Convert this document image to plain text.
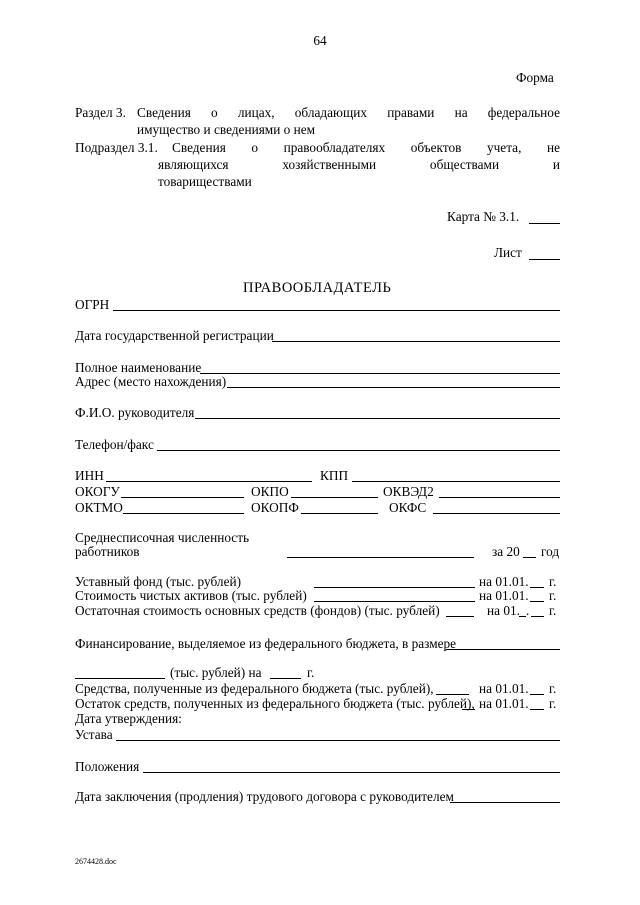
64
Форма
Раздел 3. Сведения о лицах, обладающих правами на федеральное
имущество и сведениями о нем
Подраздел 3.1. Сведения о правообладателях объектов учета, не
являющихся хозяйственными обществами и
товариществами
Карта № 3.1.
Лист
ПРАВООБЛАДАТЕЛЬ
ОГРН
Дата государственной регистрации
Полное наименование
Адрес (место нахождения)
Ф.И.О. руководителя
Телефон/факс
ИНН	КПП
ОКОГУ	ОКПО	ОКВЭД2
ОКТМО	ОКОПФ	ОКФС
Среднесписочная численность
работников	за 20 год
Уставный фонд (тыс. рублей)	на 01.01. г.
Стоимость чистых активов (тыс. рублей)	на 01.01. г.
Остаточная стоимость основных средств (фондов) (тыс. рублей)	на 01. . г.
Финансирование, выделяемое из федерального бюджета, в размере
(тыс. рублей) на	г.
Средства, полученные из федерального бюджета (тыс. рублей),	на 01.01. г.
Остаток средств, полученных из федерального бюджета (тыс. рублей), на 01.01. г.
Дата утверждения:
Устава
Положения
Дата заключения (продления) трудового договора с руководителем
2674428.doc
